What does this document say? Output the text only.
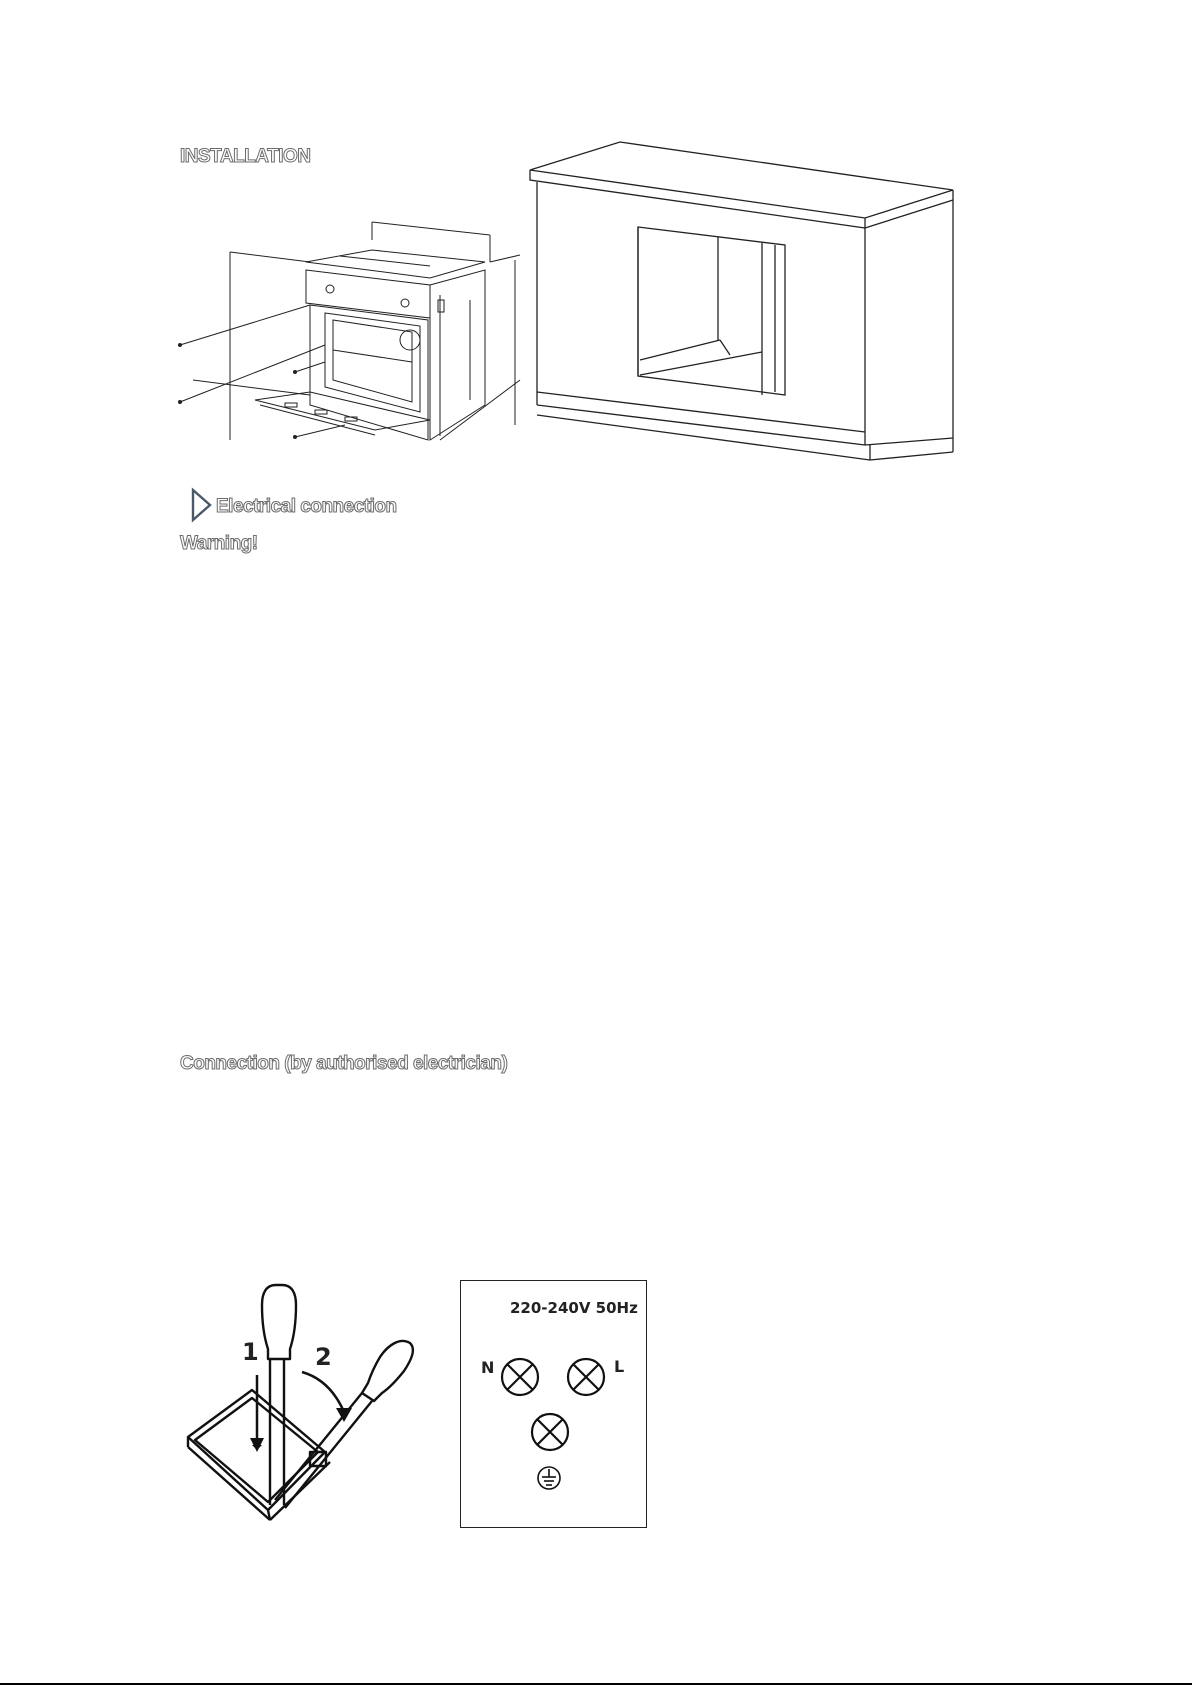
INSTALLATION
Electrical connection
Warning!
Connection (by authorised electrician)
1 2
220-240V 50Hz
N	L
